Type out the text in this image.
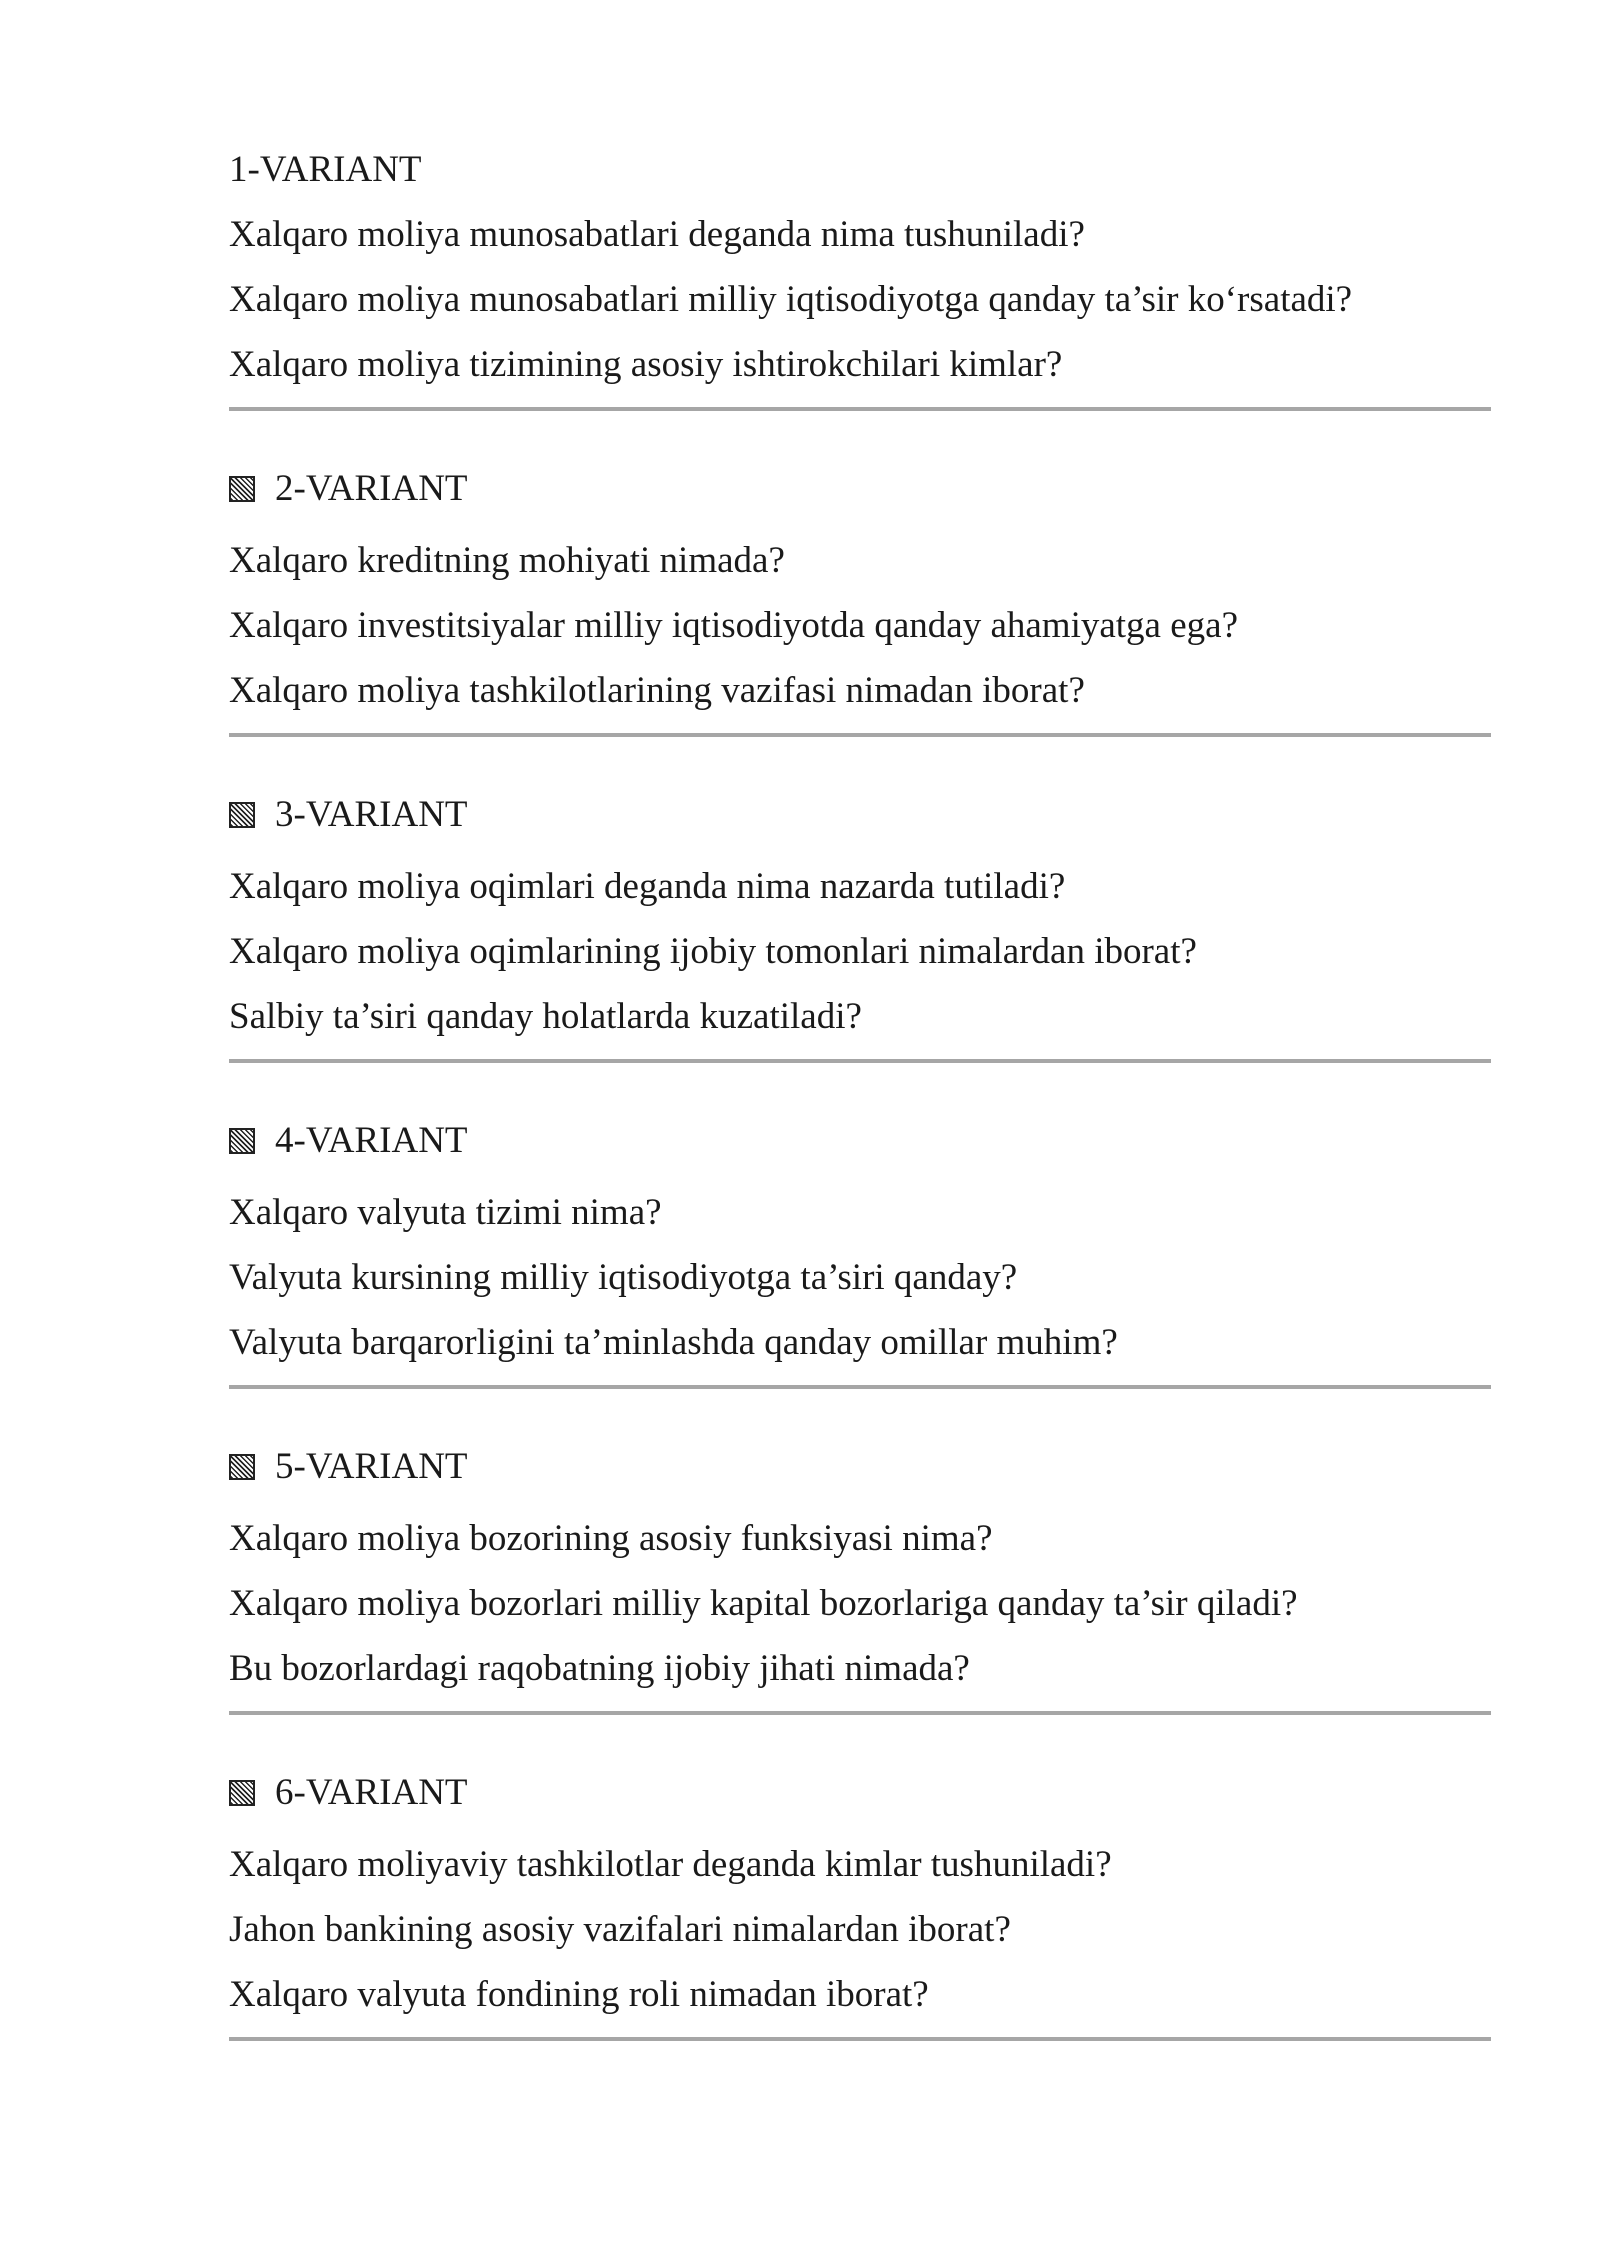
1-VARIANT
Xalqaro moliya munosabatlari deganda nima tushuniladi?
Xalqaro moliya munosabatlari milliy iqtisodiyotga qanday ta’sir ko‘rsatadi?
Xalqaro moliya tizimining asosiy ishtirokchilari kimlar?
2-VARIANT
Xalqaro kreditning mohiyati nimada?
Xalqaro investitsiyalar milliy iqtisodiyotda qanday ahamiyatga ega?
Xalqaro moliya tashkilotlarining vazifasi nimadan iborat?
3-VARIANT
Xalqaro moliya oqimlari deganda nima nazarda tutiladi?
Xalqaro moliya oqimlarining ijobiy tomonlari nimalardan iborat?
Salbiy ta’siri qanday holatlarda kuzatiladi?
4-VARIANT
Xalqaro valyuta tizimi nima?
Valyuta kursining milliy iqtisodiyotga ta’siri qanday?
Valyuta barqarorligini ta’minlashda qanday omillar muhim?
5-VARIANT
Xalqaro moliya bozorining asosiy funksiyasi nima?
Xalqaro moliya bozorlari milliy kapital bozorlariga qanday ta’sir qiladi?
Bu bozorlardagi raqobatning ijobiy jihati nimada?
6-VARIANT
Xalqaro moliyaviy tashkilotlar deganda kimlar tushuniladi?
Jahon bankining asosiy vazifalari nimalardan iborat?
Xalqaro valyuta fondining roli nimadan iborat?
